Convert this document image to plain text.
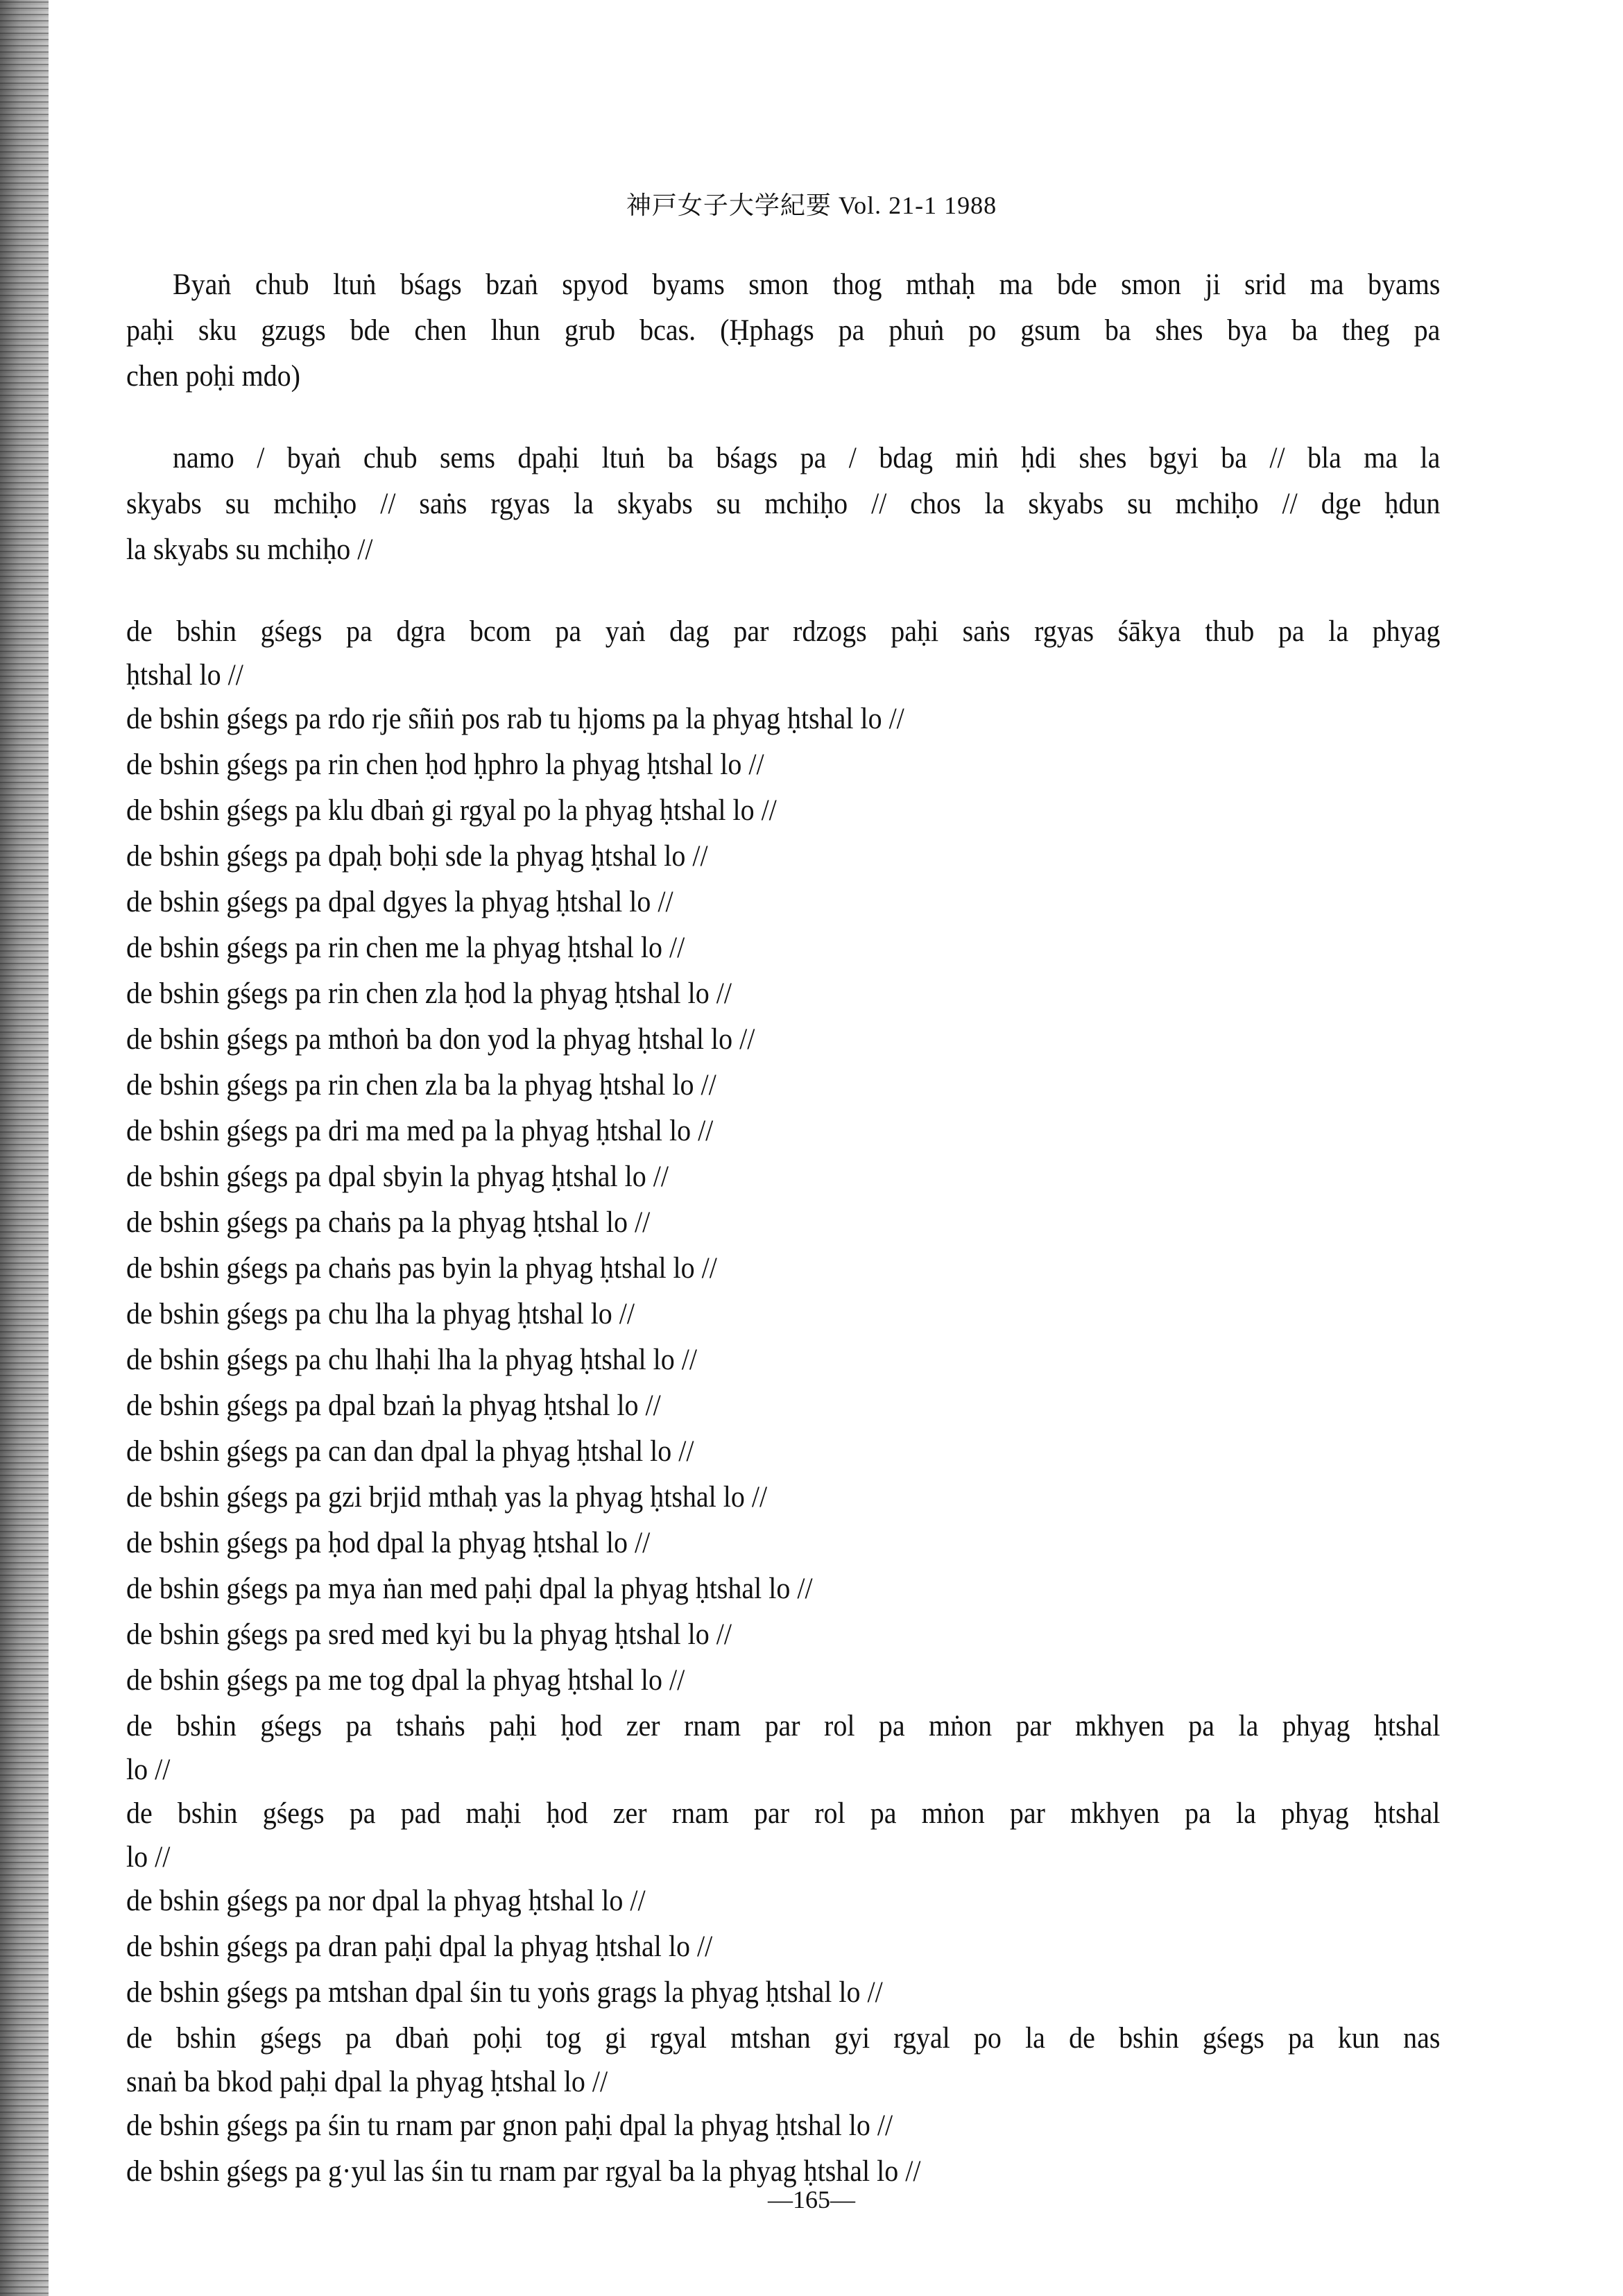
神戸女子大学紀要 Vol. 21-1 1988
Byaṅ chub ltuṅ bśags bzaṅ spyod byams smon thog mthaḥ ma bde smon ji srid ma byams
paḥi sku gzugs bde chen lhun grub bcas. (Ḥphags pa phuṅ po gsum ba shes bya ba theg pa
chen poḥi mdo)
namo / byaṅ chub sems dpaḥi ltuṅ ba bśags pa / bdag miṅ ḥdi shes bgyi ba // bla ma la
skyabs su mchiḥo // saṅs rgyas la skyabs su mchiḥo // chos la skyabs su mchiḥo // dge ḥdun
la skyabs su mchiḥo //
de bshin gśegs pa dgra bcom pa yaṅ dag par rdzogs paḥi saṅs rgyas śākya thub pa la phyag
ḥtshal lo //
de bshin gśegs pa rdo rje sñiṅ pos rab tu ḥjoms pa la phyag ḥtshal lo //
de bshin gśegs pa rin chen ḥod ḥphro la phyag ḥtshal lo //
de bshin gśegs pa klu dbaṅ gi rgyal po la phyag ḥtshal lo //
de bshin gśegs pa dpaḥ boḥi sde la phyag ḥtshal lo //
de bshin gśegs pa dpal dgyes la phyag ḥtshal lo //
de bshin gśegs pa rin chen me la phyag ḥtshal lo //
de bshin gśegs pa rin chen zla ḥod la phyag ḥtshal lo //
de bshin gśegs pa mthoṅ ba don yod la phyag ḥtshal lo //
de bshin gśegs pa rin chen zla ba la phyag ḥtshal lo //
de bshin gśegs pa dri ma med pa la phyag ḥtshal lo //
de bshin gśegs pa dpal sbyin la phyag ḥtshal lo //
de bshin gśegs pa chaṅs pa la phyag ḥtshal lo //
de bshin gśegs pa chaṅs pas byin la phyag ḥtshal lo //
de bshin gśegs pa chu lha la phyag ḥtshal lo //
de bshin gśegs pa chu lhaḥi lha la phyag ḥtshal lo //
de bshin gśegs pa dpal bzaṅ la phyag ḥtshal lo //
de bshin gśegs pa can dan dpal la phyag ḥtshal lo //
de bshin gśegs pa gzi brjid mthaḥ yas la phyag ḥtshal lo //
de bshin gśegs pa ḥod dpal la phyag ḥtshal lo //
de bshin gśegs pa mya ṅan med paḥi dpal la phyag ḥtshal lo //
de bshin gśegs pa sred med kyi bu la phyag ḥtshal lo //
de bshin gśegs pa me tog dpal la phyag ḥtshal lo //
de bshin gśegs pa tshaṅs paḥi ḥod zer rnam par rol pa mṅon par mkhyen pa la phyag ḥtshal
lo //
de bshin gśegs pa pad maḥi ḥod zer rnam par rol pa mṅon par mkhyen pa la phyag ḥtshal
lo //
de bshin gśegs pa nor dpal la phyag ḥtshal lo //
de bshin gśegs pa dran paḥi dpal la phyag ḥtshal lo //
de bshin gśegs pa mtshan dpal śin tu yoṅs grags la phyag ḥtshal lo //
de bshin gśegs pa dbaṅ poḥi tog gi rgyal mtshan gyi rgyal po la de bshin gśegs pa kun nas
snaṅ ba bkod paḥi dpal la phyag ḥtshal lo //
de bshin gśegs pa śin tu rnam par gnon paḥi dpal la phyag ḥtshal lo //
de bshin gśegs pa g·yul las śin tu rnam par rgyal ba la phyag ḥtshal lo //
—165—
